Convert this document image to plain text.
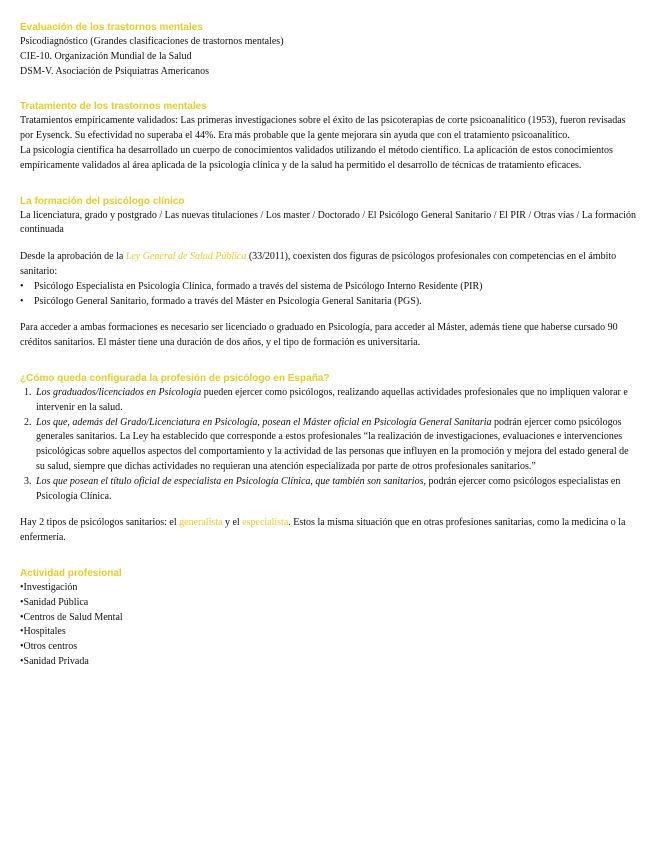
Evaluación de los trastornos mentales
Psicodiagnóstico (Grandes clasificaciones de trastornos mentales)
CIE-10. Organización Mundial de la Salud
DSM-V. Asociación de Psiquiatras Americanos
Tratamiento de los trastornos mentales

Tratamientos empíricamente validados: Las primeras investigaciones sobre el éxito de las psicoterapias de corte psicoanalítico (1953), fueron revisadas por Eysenck. Su efectividad no superaba el 44%. Era más probable que la gente mejorara sin ayuda que con el tratamiento psicoanalítico.

La psicología científica ha desarrollado un cuerpo de conocimientos validados utilizando el método científico. La aplicación de estos conocimientos empíricamente validados al área aplicada de la psicología clínica y de la salud ha permitido el desarrollo de técnicas de tratamiento eficaces.

La formación del psicólogo clínico

La licenciatura, grado y postgrado / Las nuevas titulaciones / Los master / Doctorado / El Psicólogo General Sanitario / El PIR / Otras vías / La formación continuada

Desde la aprobación de la Ley General de Salud Pública (33/2011), coexisten dos figuras de psicólogos profesionales con competencias en el ámbito sanitario:

• Psicólogo Especialista en Psicología Clínica, formado a través del sistema de Psicólogo Interno Residente (PIR)
• Psicólogo General Sanitario, formado a través del Máster en Psicología General Sanitaria (PGS).

Para acceder a ambas formaciones es necesario ser licenciado o graduado en Psicología, para acceder al Máster, además tiene que haberse cursado 90 créditos sanitarios. El máster tiene una duración de dos años, y el tipo de formación es universitaria.

¿Cómo queda configurada la profesión de psicólogo en España?
1. Los graduados/licenciados en Psicología pueden ejercer como psicólogos, realizando aquellas actividades profesionales que no impliquen valorar e intervenir en la salud.
2. Los que, además del Grado/Licenciatura en Psicología, posean el Máster oficial en Psicología General Sanitaria podrán ejercer como psicólogos generales sanitarios. La Ley ha establecido que corresponde a estos profesionales “la realización de investigaciones, evaluaciones e intervenciones psicológicas sobre aquellos aspectos del comportamiento y la actividad de las personas que influyen en la promoción y mejora del estado general de su salud, siempre que dichas actividades no requieran una atención especializada por parte de otros profesionales sanitarios.”
3. Los que posean el título oficial de especialista en Psicología Clínica, que también son sanitarios, podrán ejercer como psicólogos especialistas en Psicología Clínica.

Hay 2 tipos de psicólogos sanitarios: el generalista y el especialista. Estos la misma situación que en otras profesiones sanitarias, como la medicina o la enfermería.

Actividad profesional
• Investigación
• Sanidad Pública
• Centros de Salud Mental
• Hospitales
• Otros centros
• Sanidad Privada
